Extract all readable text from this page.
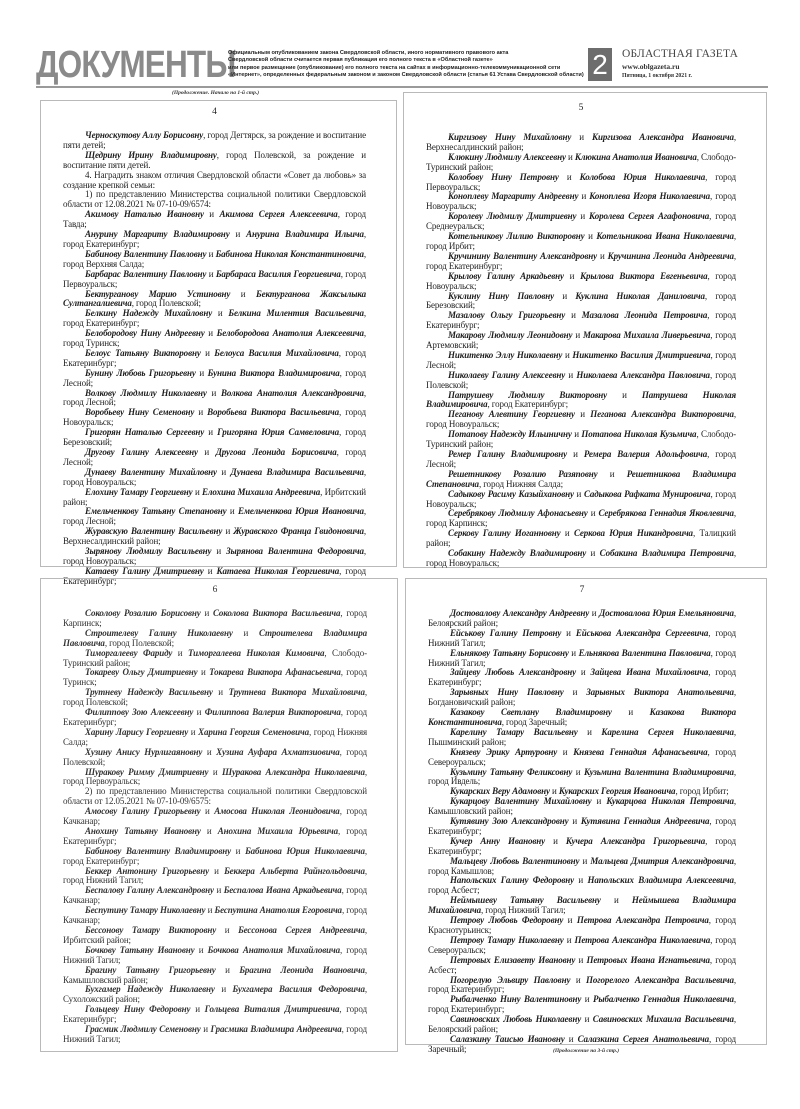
ДОКУМЕНТЫ
Официальным опубликованием закона Свердловской области, иного нормативного правового акта
Свердловской области считается первая публикация его полного текста в «Областной газете»
или первое размещение (опубликование) его полного текста на сайтах в информационно-телекоммуникационной сети
«Интернет», определенных федеральным законом и законом Свердловской области (статья 61 Устава Свердловской области) 2	ОБЛАСТНАЯ ГАЗЕТА
www.oblgazeta.ru
Пятница, 1 октября 2021 г.
(Продолжение. Начало на 1-й стр.)
4

Черноскутову Аллу Борисовну, город Дегтярск, за рождение и воспитание пяти детей;

Щедрину Ирину Владимировну, город Полевской, за рождение и воспитание пяти детей.

4. Наградить знаком отличия Свердловской области «Совет да любовь» за создание крепкой семьи:

1) по представлению Министерства социальной политики Свердловской области от 12.08.2021 № 07-10-09/6574:

Акимову Наталью Ивановну и Акимова Сергея Алексеевича, город Тавда;

Анурину Маргариту Владимировну и Анурина Владимира Ильича, город Екатеринбург;

Бабинову Валентину Павловну и Бабинова Николая Константиновича, город Верхняя Салда;

Барбарас Валентину Павловну и Барбараса Василия Георгиевича, город Первоуральск;

Бектурганову Марию Устиновну и Бектурганова Жаксылыка Султангалиевича, город Полевской;

Белкину Надежду Михайловну и Белкина Милентия Васильевича, город Екатеринбург;

Белобородову Нину Андреевну и Белобородова Анатолия Алексеевича, город Туринск;

Белоус Татьяну Викторовну и Белоуса Василия Михайловича, город Екатеринбург;

Бунину Любовь Григорьевну и Бунина Виктора Владимировича, город Лесной;

Волкову Людмилу Николаевну и Волкова Анатолия Александровича, город Лесной;

Воробьеву Нину Семеновну и Воробьева Виктора Васильевича, город Новоуральск;

Григорян Наталью Сергеевну и Григоряна Юрия Самвеловича, город Березовский;

Другову Галину Алексеевну и Другова Леонида Борисовича, город Лесной;

Дунаеву Валентину Михайловну и Дунаева Владимира Васильевича, город Новоуральск;

Елохину Тамару Георгиевну и Елохина Михаила Андреевича, Ирбитский район;

Емельченкову Татьяну Степановну и Емельченкова Юрия Ивановича, город Лесной;

Журавскую Валентину Васильевну и Журавского Франца Гвидоновича, Верхнесалдинский район;

Зырянову Людмилу Васильевну и Зырянова Валентина Федоровича, город Новоуральск;

Катаеву Галину Дмитриевну и Катаева Николая Георгиевича, город Екатеринбург;

5

Киргизову Нину Михайловну и Киргизова Александра Ивановича, Верхнесалдинский район;

Клюкину Людмилу Алексеевну и Клюкина Анатолия Ивановича, Слободо-Туринский район;

Колобову Нину Петровну и Колобова Юрия Николаевича, город Первоуральск;

Коноплеву Маргариту Андреевну и Коноплева Игоря Николаевича, город Новоуральск;

Королеву Людмилу Дмитриевну и Королева Сергея Агафоновича, город Среднеуральск;

Котельникову Лилию Викторовну и Котельникова Ивана Николаевича, город Ирбит;

Кручинину Валентину Александровну и Кручинина Леонида Андреевича, город Екатеринбург;

Крылову Галину Аркадьевну и Крылова Виктора Евгеньевича, город Новоуральск;

Куклину Нину Павловну и Куклина Николая Даниловича, город Березовский;

Мазалову Ольгу Григорьевну и Мазалова Леонида Петровича, город Екатеринбург;

Макарову Людмилу Леонидовну и Макарова Михаила Ливерьевича, город Артемовский;

Никитенко Эллу Николаевну и Никитенко Василия Дмитриевича, город Лесной;

Николаеву Галину Алексеевну и Николаева Александра Павловича, город Полевской;

Патрушеву Людмилу Викторовну и Патрушева Николая Владимировича, город Екатеринбург;

Пеганову Алевтину Георгиевну и Пеганова Александра Викторовича, город Новоуральск;

Потапову Надежду Ильиничну и Потапова Николая Кузьмича, Слободо-Туринский район;

Ремер Галину Владимировну и Ремера Валерия Адольфовича, город Лесной;

Решетникову Розалию Разяповну и Решетникова Владимира Степановича, город Нижняя Салда;

Садыкову Расиму Казыйхановну и Садыкова Рафката Мунировича, город Новоуральск;

Серебрякову Людмилу Афонасьевну и Серебрякова Геннадия Яковлевича, город Карпинск;

Серкову Галину Иоганновну и Серкова Юрия Никандровича, Талицкий район;

Собакину Надежду Владимировну и Собакина Владимира Петровича, город Новоуральск;

6

Соколову Розалию Борисовну и Соколова Виктора Васильевича, город Карпинск;

Строителеву Галину Николаевну и Строителева Владимира Павловича, город Полевской;

Тиморгалееву Фариду и Тиморгалеева Николая Кимовича, Слободо-Туринский район;

Токареву Ольгу Дмитриевну и Токарева Виктора Афанасьевича, город Туринск;

Трутневу Надежду Васильевну и Трутнева Виктора Михайловича, город Полевской;

Филиппову Зою Алексеевну и Филиппова Валерия Викторовича, город Екатеринбург;

Харину Ларису Георгиевну и Харина Георгия Семеновича, город Нижняя Салда;

Хузину Анису Нурлигаяновну и Хузина Ауфара Ахматзиовича, город Полевской;

Шуракову Римму Дмитриевну и Шуракова Александра Николаевича, город Первоуральск;

2) по представлению Министерства социальной политики Свердловской области от 12.05.2021 № 07-10-09/6575:

Амосову Галину Григорьевну и Амосова Николая Леонидовича, город Качканар;

Анохину Татьяну Ивановну и Анохина Михаила Юрьевича, город Екатеринбург;

Бабинову Валентину Владимировну и Бабинова Юрия Николаевича, город Екатеринбург;

Беккер Антонину Григорьевну и Беккера Альберта Райнгольдовича, город Нижний Тагил;

Беспалову Галину Александровну и Беспалова Ивана Аркадьевича, город Качканар;

Беспутину Тамару Николаевну и Беспутина Анатолия Егоровича, город Качканар;

Бессонову Тамару Викторовну и Бессонова Сергея Андреевича, Ирбитский район;

Бочкову Татьяну Ивановну и Бочкова Анатолия Михайловича, город Нижний Тагил;

Брагину Татьяну Григорьевну и Брагина Леонида Ивановича, Камышловский район;

Бухгамер Надежду Николаевну и Бухгамера Василия Федоровича, Сухоложский район;

Гольцеву Нину Федоровну и Гольцева Виталия Дмитриевича, город Екатеринбург;

Грасмик Людмилу Семеновну и Грасмика Владимира Андреевича, город Нижний Тагил;

7

Достовалову Александру Андреевну и Достовалова Юрия Емельяновича, Белоярский район;

Ейськову Галину Петровну и Ейськова Александра Сергеевича, город Нижний Тагил;

Ельнякову Татьяну Борисовну и Ельнякова Валентина Павловича, город Нижний Тагил;

Зайцеву Любовь Александровну и Зайцева Ивана Михайловича, город Екатеринбург;

Зарывных Нину Павловну и Зарывных Виктора Анатольевича, Богдановичский район;

Казакову Светлану Владимировну и Казакова Виктора Константиновича, город Заречный;

Карелину Тамару Васильевну и Карелина Сергея Николаевича, Пышминский район;

Князеву Эрику Артуровну и Князева Геннадия Афанасьевича, город Североуральск;

Кузьмину Татьяну Феликсовну и Кузьмина Валентина Владимировича, город Ивдель;

Кукарских Веру Адамовну и Кукарских Георгия Ивановича, город Ирбит;

Кукарцову Валентину Михайловну и Кукарцова Николая Петровича, Камышловский район;

Кутявину Зою Александровну и Кутявина Геннадия Андреевича, город Екатеринбург;

Кучер Анну Ивановну и Кучера Александра Григорьевича, город Екатеринбург;

Мальцеву Любовь Валентиновну и Мальцева Дмитрия Александровича, город Камышлов;

Напольских Галину Федоровну и Напольских Владимира Алексеевича, город Асбест;

Неймышеву Татьяну Васильевну и Неймышева Владимира Михайловича, город Нижний Тагил;

Петрову Любовь Федоровну и Петрова Александра Петровича, город Краснотурьинск;

Петрову Тамару Николаевну и Петрова Александра Николаевича, город Североуральск;

Петровых Елизавету Ивановну и Петровых Ивана Игнатьевича, город Асбест;

Погорелую Эльвиру Павловну и Погорелого Александра Васильевича, город Екатеринбург;

Рыбалченко Нину Валентиновну и Рыбалченко Геннадия Николаевича, город Екатеринбург;

Савиновских Любовь Николаевну и Савиновских Михаила Васильевича, Белоярский район;

Салазкину Таисью Ивановну и Салазкина Сергея Анатольевича, город Заречный;	(Продолжение на 3-й стр.)
